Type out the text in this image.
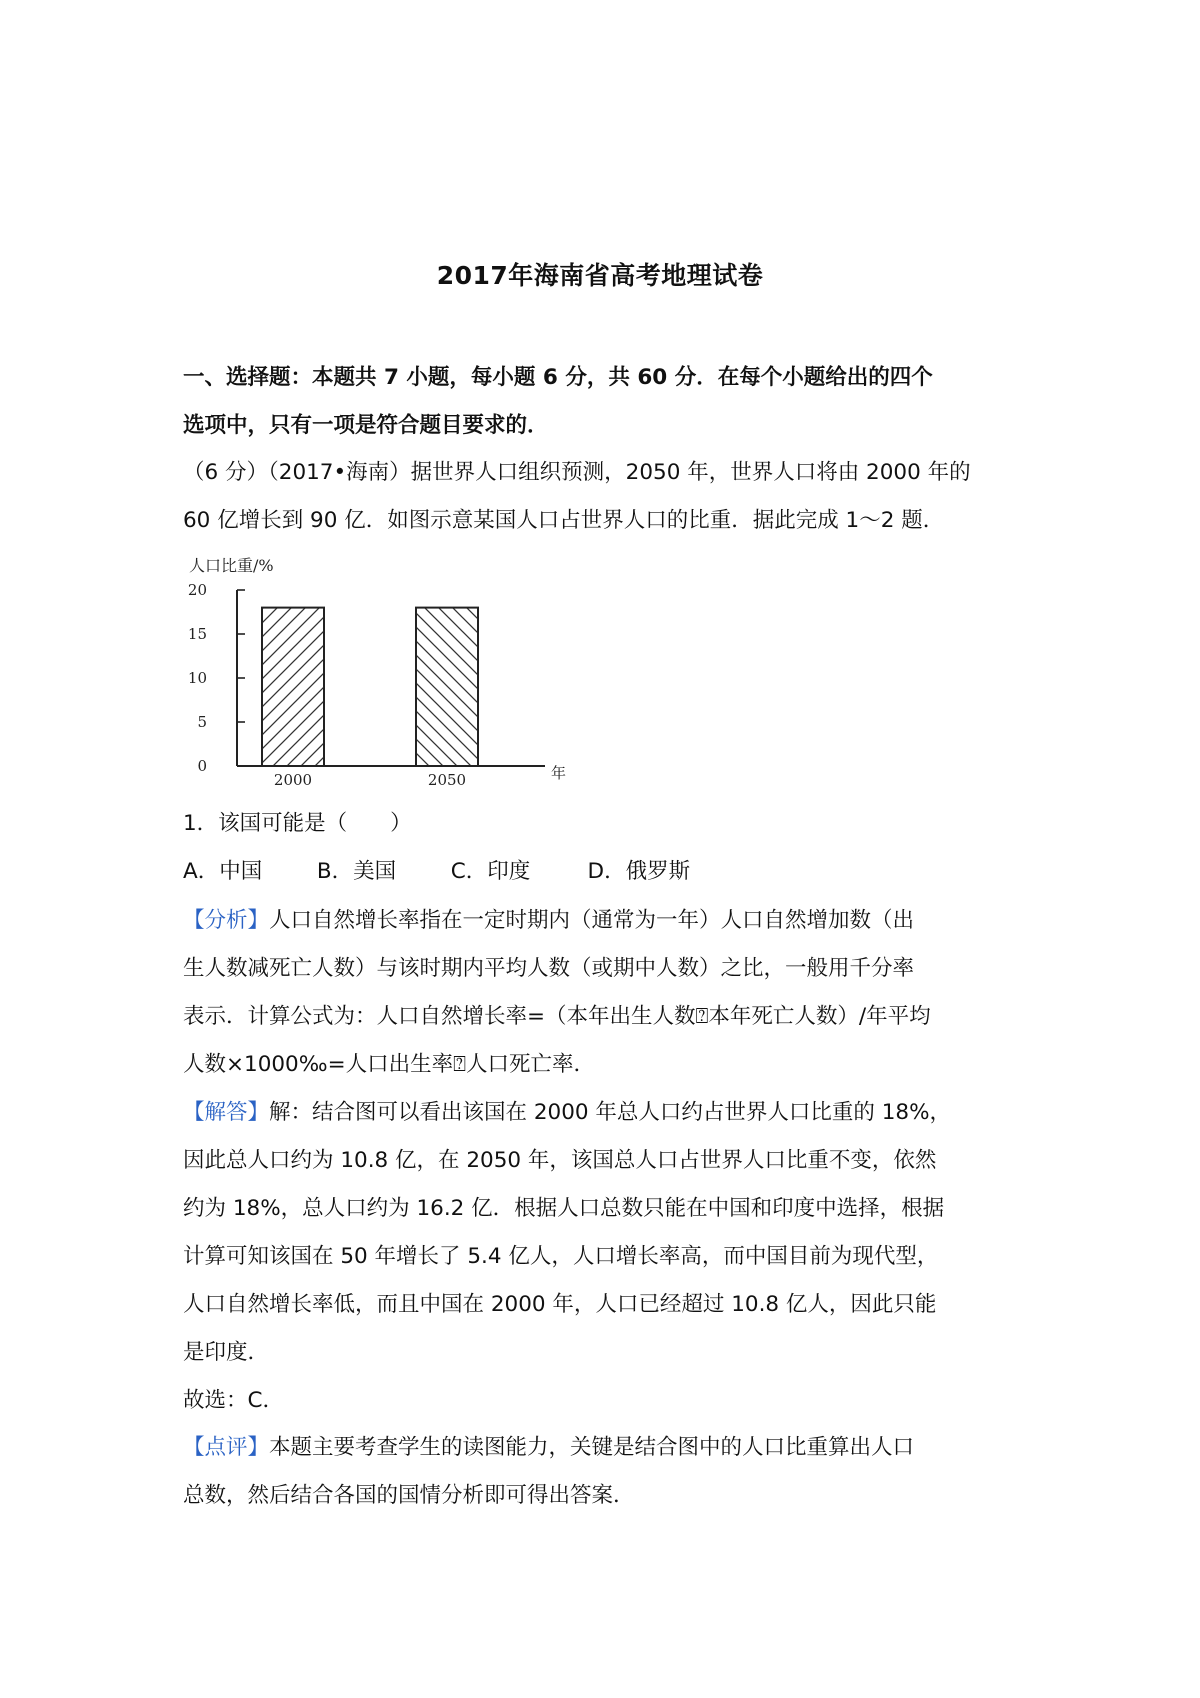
2017年海南省高考地理试卷
一、选择题：本题共 7 小题，每小题 6 分，共 60 分．在每个小题给出的四个
选项中，只有一项是符合题目要求的．
（6 分）（2017•海南）据世界人口组织预测，2050 年，世界人口将由 2000 年的
60 亿增长到 90 亿．如图示意某国人口占世界人口的比重．据此完成 1～2 题．
人口比重/%
0
5
10
15
20
2000	2050	年
1．该国可能是（　　）
A．中国	B．美国	C．印度	D．俄罗斯
【分析】人口自然增长率指在一定时期内（通常为一年）人口自然增加数（出
生人数减死亡人数）与该时期内平均人数（或期中人数）之比，一般用千分率
表示．计算公式为：人口自然增长率=（本年出生人数⍰本年死亡人数）/年平均
人数×1000‰=人口出生率⍰人口死亡率．
【解答】解：结合图可以看出该国在 2000 年总人口约占世界人口比重的 18%，
因此总人口约为 10.8 亿，在 2050 年，该国总人口占世界人口比重不变，依然
约为 18%，总人口约为 16.2 亿．根据人口总数只能在中国和印度中选择，根据
计算可知该国在 50 年增长了 5.4 亿人，人口增长率高，而中国目前为现代型，
人口自然增长率低，而且中国在 2000 年，人口已经超过 10.8 亿人，因此只能
是印度．
故选：C．
【点评】本题主要考查学生的读图能力，关键是结合图中的人口比重算出人口
总数，然后结合各国的国情分析即可得出答案．
